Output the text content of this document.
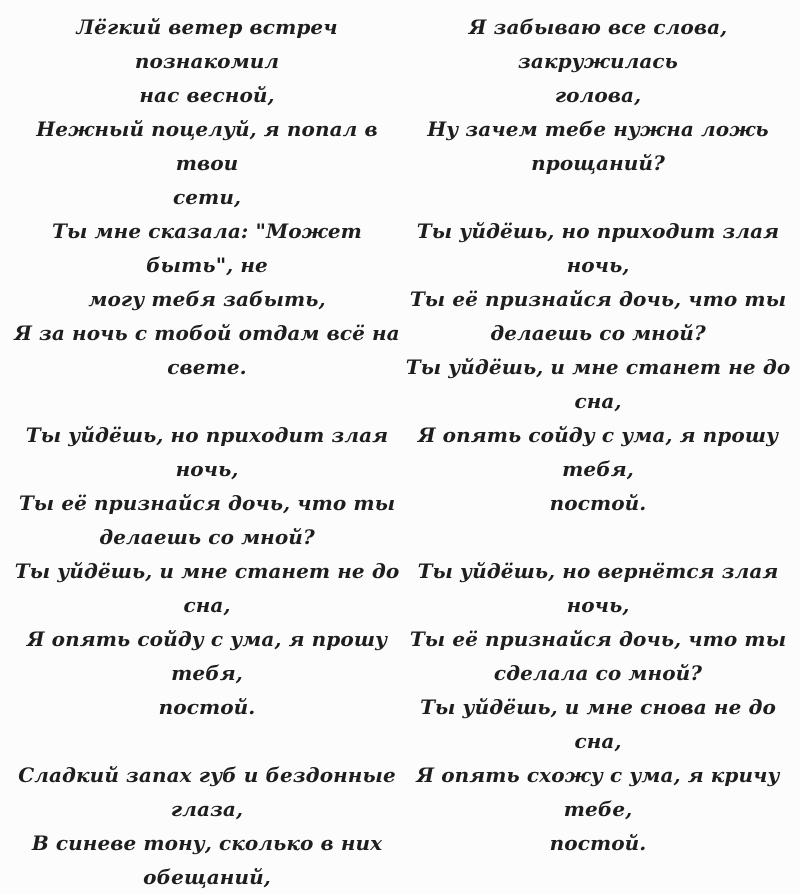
Лёгкий ветер встреч познакомил
нас весной,
Нежный поцелуй, я попал в твои
сети,
Ты мне сказала: "Может быть", не
могу тебя забыть,
Я за ночь с тобой отдам всё на
свете.
Ты уйдёшь, но приходит злая ночь,
Ты её признайся дочь, что ты
делаешь со мной?
Ты уйдёшь, и мне станет не до сна,
Я опять сойду с ума, я прошу тебя,
постой.
Сладкий запах губ и бездонные глаза,
В синеве тону, сколько в них
обещаний,
Я забываю все слова, закружилась
голова,
Ну зачем тебе нужна ложь
прощаний?
Ты уйдёшь, но приходит злая ночь,
Ты её признайся дочь, что ты
делаешь со мной?
Ты уйдёшь, и мне станет не до сна,
Я опять сойду с ума, я прошу тебя,
постой.
Ты уйдёшь, но вернётся злая ночь,
Ты её признайся дочь, что ты
сделала со мной?
Ты уйдёшь, и мне снова не до сна,
Я опять схожу с ума, я кричу тебе,
постой.
